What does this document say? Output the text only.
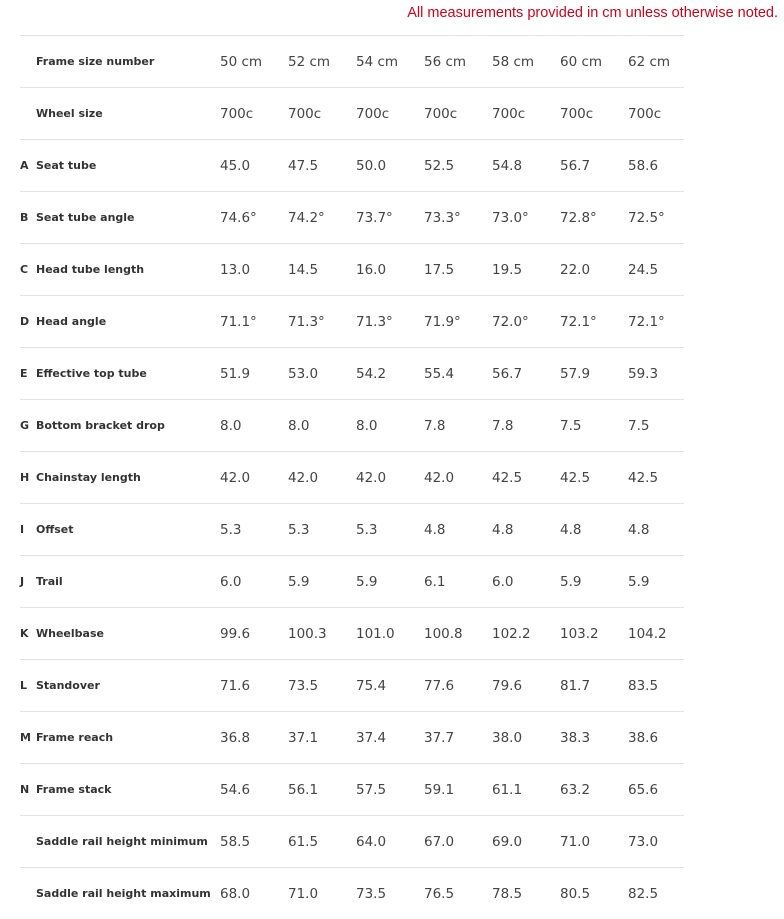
All measurements provided in cm unless otherwise noted.
	Frame size number	50 cm	52 cm	54 cm	56 cm	58 cm	60 cm	62 cm
	Wheel size	700c	700c	700c	700c	700c	700c	700c
A	Seat tube	45.0	47.5	50.0	52.5	54.8	56.7	58.6
B	Seat tube angle	74.6°	74.2°	73.7°	73.3°	73.0°	72.8°	72.5°
C	Head tube length	13.0	14.5	16.0	17.5	19.5	22.0	24.5
D	Head angle	71.1°	71.3°	71.3°	71.9°	72.0°	72.1°	72.1°
E	Effective top tube	51.9	53.0	54.2	55.4	56.7	57.9	59.3
G	Bottom bracket drop	8.0	8.0	8.0	7.8	7.8	7.5	7.5
H	Chainstay length	42.0	42.0	42.0	42.0	42.5	42.5	42.5
I	Offset	5.3	5.3	5.3	4.8	4.8	4.8	4.8
J	Trail	6.0	5.9	5.9	6.1	6.0	5.9	5.9
K	Wheelbase	99.6	100.3	101.0	100.8	102.2	103.2	104.2
L	Standover	71.6	73.5	75.4	77.6	79.6	81.7	83.5
M	Frame reach	36.8	37.1	37.4	37.7	38.0	38.3	38.6
N	Frame stack	54.6	56.1	57.5	59.1	61.1	63.2	65.6
	Saddle rail height minimum	58.5	61.5	64.0	67.0	69.0	71.0	73.0
	Saddle rail height maximum	68.0	71.0	73.5	76.5	78.5	80.5	82.5
